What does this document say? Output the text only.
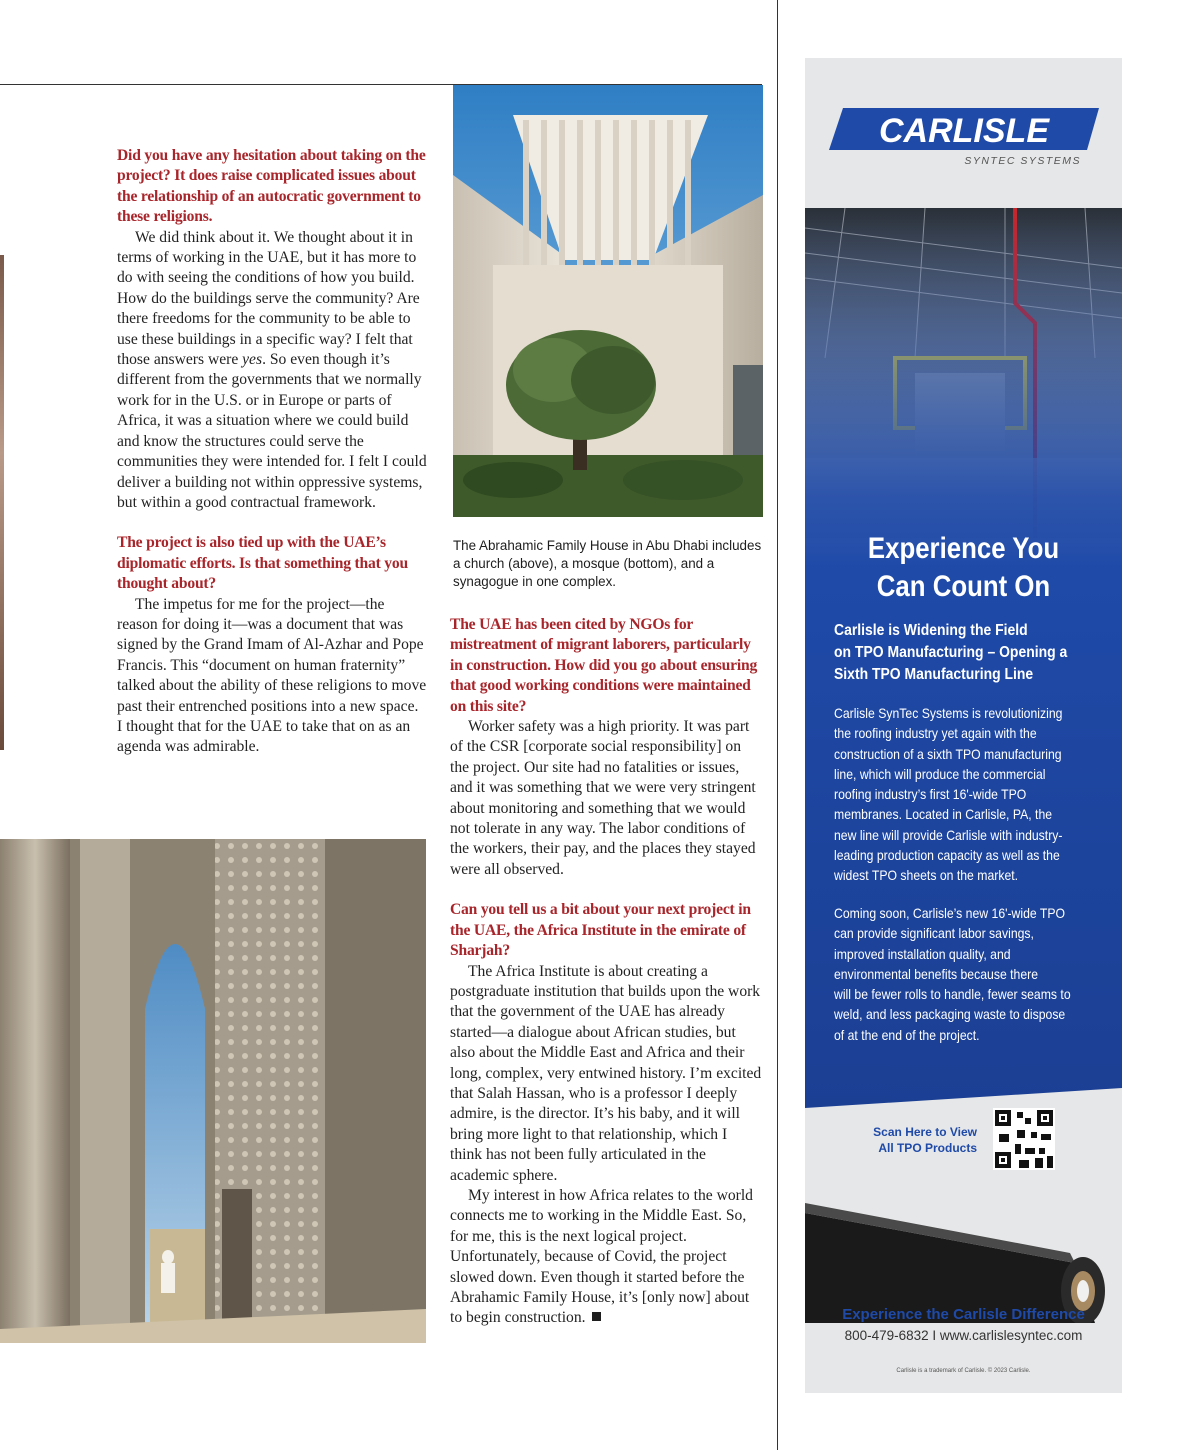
Did you have any hesitation about taking on the project? It does raise complicated issues about the relationship of an autocratic government to these religions.

We did think about it. We thought about it in terms of working in the UAE, but it has more to do with seeing the conditions of how you build. How do the buildings serve the community? Are there freedoms for the community to be able to use these buildings in a specific way? I felt that those answers were yes. So even though it’s different from the governments that we normally work for in the U.S. or in Europe or parts of Africa, it was a situation where we could build and know the structures could serve the communities they were intended for. I felt I could deliver a building not within oppressive systems, but within a good contractual framework.

The project is also tied up with the UAE’s diplomatic efforts. Is that something that you thought about?

The impetus for me for the project—the reason for doing it—was a document that was signed by the Grand Imam of Al-Azhar and Pope Francis. This “document on human fraternity” talked about the ability of these religions to move past their entrenched positions into a new space. I thought that for the UAE to take that on as an agenda was admirable.

The Abrahamic Family House in Abu Dhabi includes a church (above), a mosque (bottom), and a synagogue in one complex.

The UAE has been cited by NGOs for mistreatment of migrant laborers, particularly in construction. How did you go about ensuring that good working conditions were maintained on this site?

Worker safety was a high priority. It was part of the CSR [corporate social responsibility] on the project. Our site had no fatalities or issues, and it was something that we were very stringent about monitoring and something that we would not tolerate in any way. The labor conditions of the workers, their pay, and the places they stayed were all observed.

Can you tell us a bit about your next project in the UAE, the Africa Institute in the emirate of Sharjah?

The Africa Institute is about creating a postgraduate institution that builds upon the work that the government of the UAE has already started—a dialogue about African studies, but also about the Middle East and Africa and their long, complex, very entwined history. I’m excited that Salah Hassan, who is a professor I deeply admire, is the director. It’s his baby, and it will bring more light to that relationship, which I think has not been fully articulated in the academic sphere.

My interest in how Africa relates to the world connects me to working in the Middle East. So, for me, this is the next logical project. Unfortunately, because of Covid, the project slowed down. Even though it started before the Abrahamic Family House, it’s [only now] about to begin construction.

CARLISLE
SYNTEC SYSTEMS
Experience You
Can Count On
Carlisle is Widening the Field
on TPO Manufacturing – Opening a
Sixth TPO Manufacturing Line
Carlisle SynTec Systems is revolutionizing
the roofing industry yet again with the
construction of a sixth TPO manufacturing
line, which will produce the commercial
roofing industry’s first 16'-wide TPO
membranes. Located in Carlisle, PA, the
new line will provide Carlisle with industry-
leading production capacity as well as the
widest TPO sheets on the market.
Coming soon, Carlisle’s new 16'-wide TPO
can provide significant labor savings,
improved installation quality, and
environmental benefits because there
will be fewer rolls to handle, fewer seams to
weld, and less packaging waste to dispose
of at the end of the project.
Scan Here to View
All TPO Products
Experience the Carlisle Difference
800-479-6832 I www.carlislesyntec.com
Carlisle is a trademark of Carlisle. © 2023 Carlisle.
